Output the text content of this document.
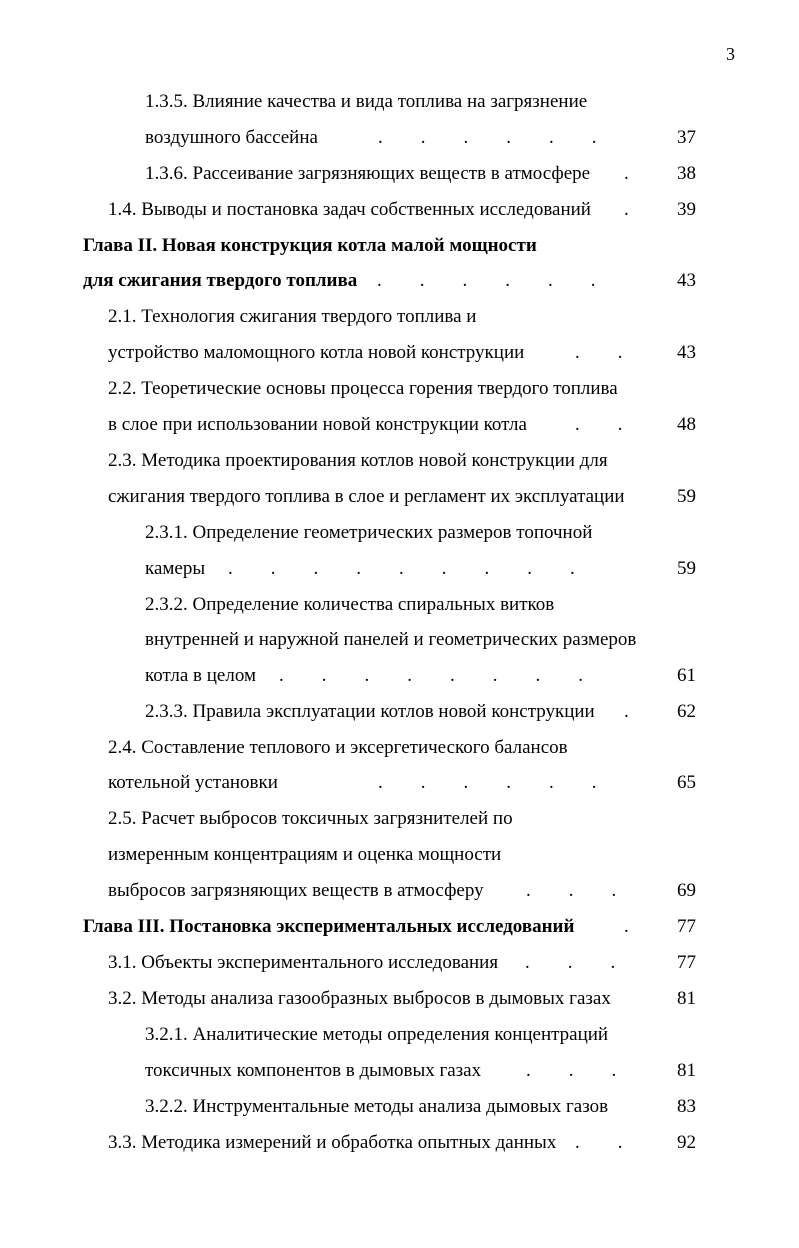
3
1.3.5. Влияние качества и вида топлива на загрязнение
воздушного бассейна	.        .        .        .        .        .	37
1.3.6. Рассеивание загрязняющих веществ в атмосфере .	38
1.4. Выводы и постановка задач собственных исследований .	39
Глава II. Новая конструкция котла малой мощности
для сжигания твердого топлива .        .        .        .        .        .	43
2.1. Технология сжигания твердого топлива и
устройство маломощного котла новой конструкции	.        .	43
2.2. Теоретические основы процесса горения твердого топлива
в слое при использовании новой конструкции котла	.        .	48
2.3. Методика проектирования котлов новой конструкции для
сжигания твердого топлива в слое и регламент их эксплуатации	59
2.3.1. Определение геометрических размеров топочной
камеры .        .        .        .        .        .        .        .        .	59
2.3.2. Определение количества спиральных витков
внутренней и наружной панелей и геометрических размеров
котла в целом .        .        .        .        .        .        .        .	61
2.3.3. Правила эксплуатации котлов новой конструкции .	62
2.4. Составление теплового и эксергетического балансов
котельной установки	.        .        .        .        .        .	65
2.5. Расчет выбросов токсичных загрязнителей по
измеренным концентрациям и оценка мощности
выбросов загрязняющих веществ в атмосферу .        .        .	69
Глава III. Постановка экспериментальных исследований	.	77
3.1. Объекты экспериментального исследования .        .        .	77
3.2. Методы анализа газообразных выбросов в дымовых газах	81
3.2.1. Аналитические методы определения концентраций
токсичных компонентов в дымовых газах .        .        .	81
3.2.2. Инструментальные методы анализа дымовых газов	83
3.3. Методика измерений и обработка опытных данных .        .	92
